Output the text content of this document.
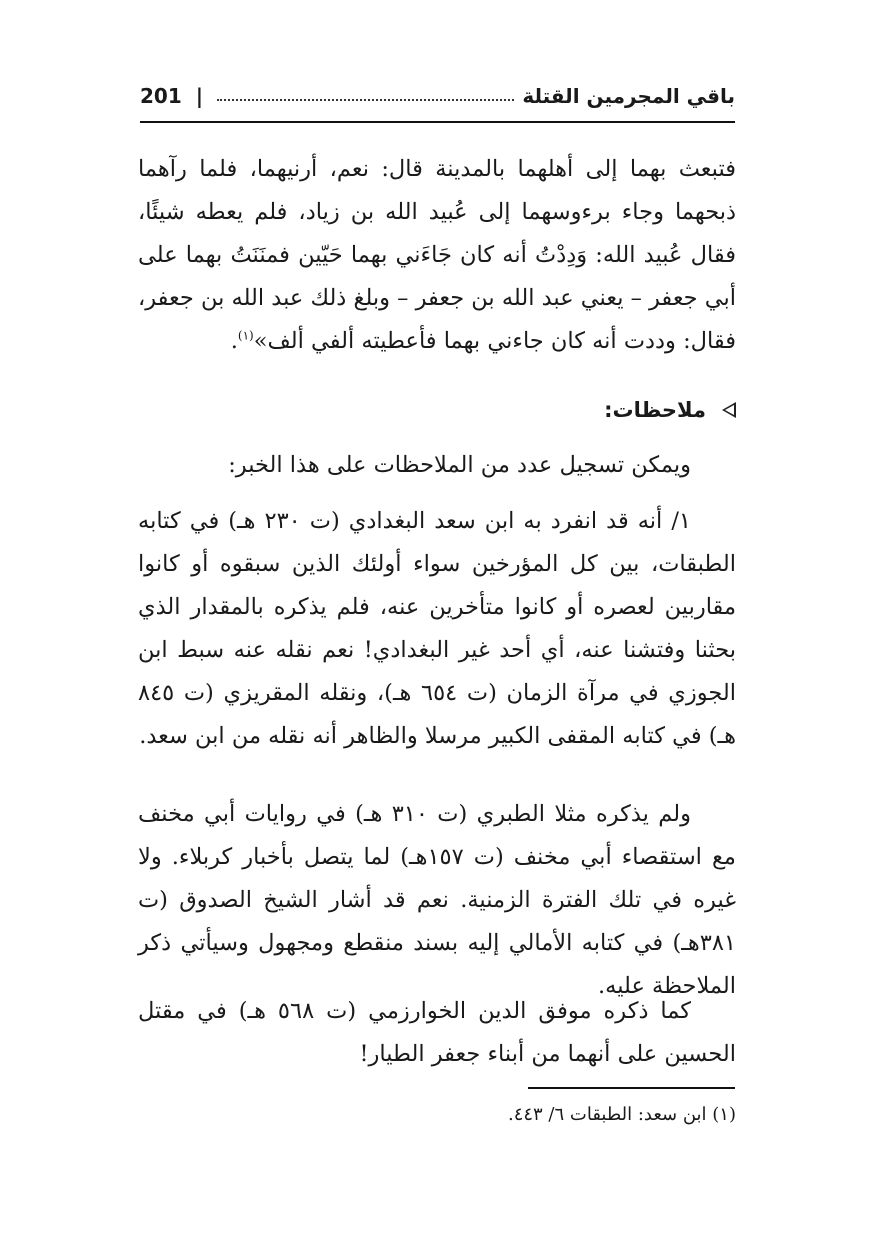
201 |	باقي المجرمين القتلة
فتبعث بهما إلى أهلهما بالمدينة قال: نعم، أرنيهما، فلما رآهما ذبحهما وجاء برءوسهما إلى عُبيد الله بن زياد، فلم يعطه شيئًا، فقال عُبيد الله: وَدِدْتُ أنه كان جَاءَني بهما حَيّين فمنَنَتُ بهما على أبي جعفر – يعني عبد الله بن جعفر – وبلغ ذلك عبد الله بن جعفر، فقال: وددت أنه كان جاءني بهما فأعطيته ألفي ألف»$^{(١)}$.
ملاحظات:
ويمكن تسجيل عدد من الملاحظات على هذا الخبر:
١/ أنه قد انفرد به ابن سعد البغدادي (ت ٢٣٠ هـ) في كتابه الطبقات، بين كل المؤرخين سواء أولئك الذين سبقوه أو كانوا مقاربين لعصره أو كانوا متأخرين عنه، فلم يذكره بالمقدار الذي بحثنا وفتشنا عنه، أي أحد غير البغدادي! نعم نقله عنه سبط ابن الجوزي في مرآة الزمان (ت ٦٥٤ هـ)، ونقله المقريزي (ت ٨٤٥ هـ) في كتابه المقفى الكبير مرسلا والظاهر أنه نقله من ابن سعد.
ولم يذكره مثلا الطبري (ت ٣١٠ هـ) في روايات أبي مخنف مع استقصاء أبي مخنف (ت ١٥٧هـ) لما يتصل بأخبار كربلاء. ولا غيره في تلك الفترة الزمنية. نعم قد أشار الشيخ الصدوق (ت ٣٨١هـ) في كتابه الأمالي إليه بسند منقطع ومجهول وسيأتي ذكر الملاحظة عليه.
كما ذكره موفق الدين الخوارزمي (ت ٥٦٨ هـ) في مقتل الحسين على أنهما من أبناء جعفر الطيار!
(١) ابن سعد: الطبقات ٦/ ٤٤٣.
